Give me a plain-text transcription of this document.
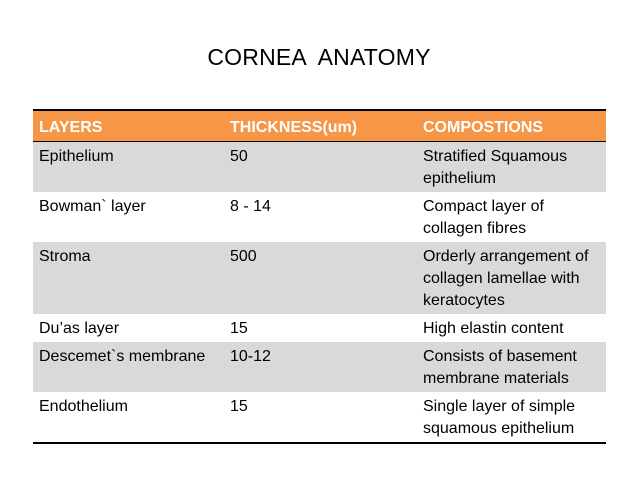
CORNEA  ANATOMY
LAYERS	THICKNESS(um)	COMPOSTIONS
Epithelium	50	Stratified Squamous epithelium
Bowman` layer	8 - 14	Compact layer of collagen fibres
Stroma	500	Orderly arrangement of collagen lamellae with keratocytes
Du’as layer	15	High elastin content
Descemet`s membrane	10-12	Consists of basement membrane materials
Endothelium	15	Single layer of simple squamous epithelium
